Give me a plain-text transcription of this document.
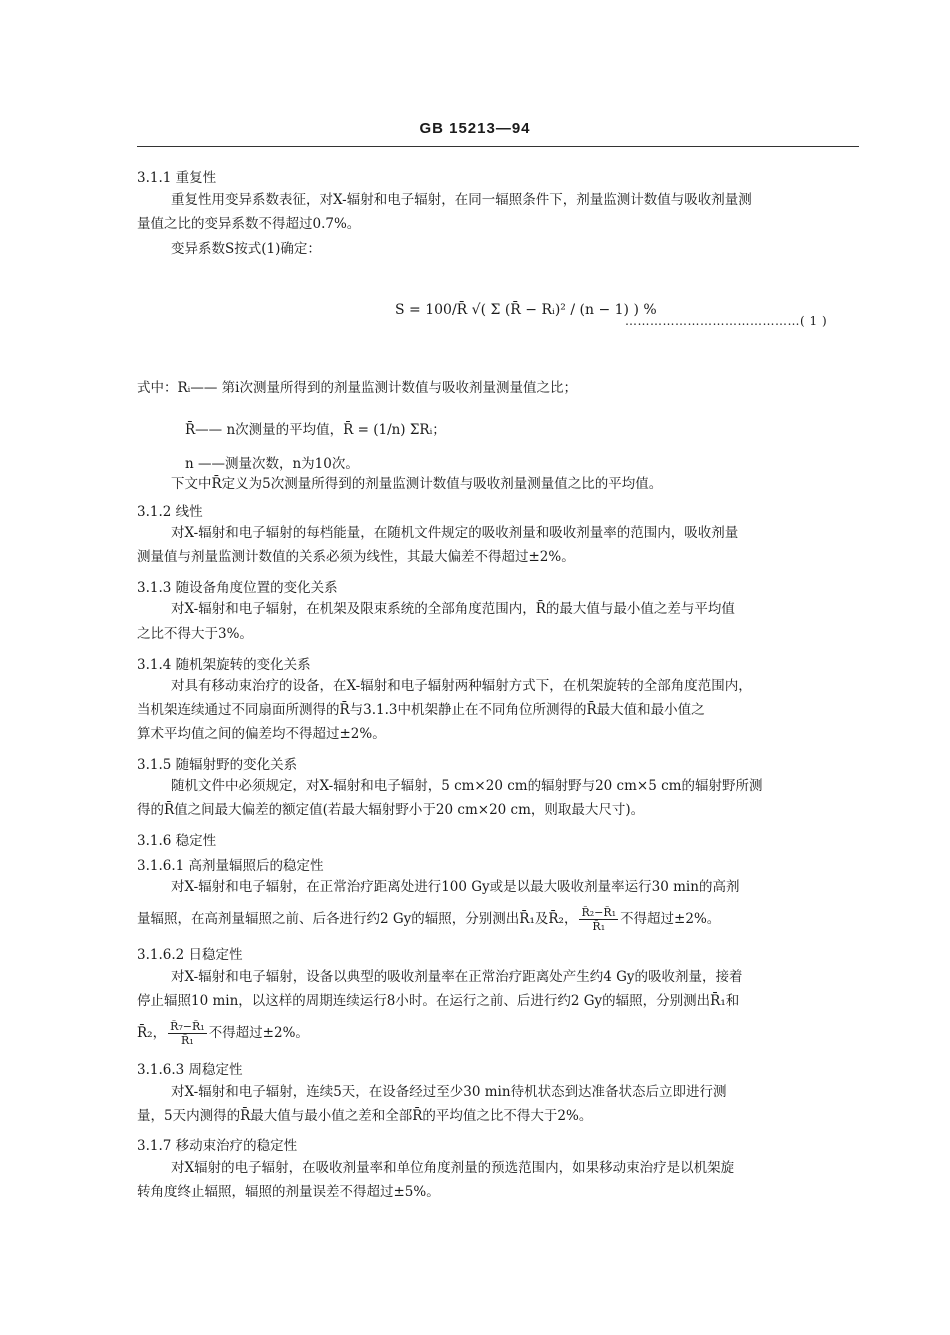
GB 15213—94
3.1.1 重复性
重复性用变异系数表征，对X-辐射和电子辐射，在同一辐照条件下，剂量监测计数值与吸收剂量测
量值之比的变异系数不得超过0.7%。
变异系数S按式(1)确定：
S = 100/R̄ √( Σ (R̄ − Rᵢ)² / (n − 1) ) %
……………………………………( 1 )
式中：Rᵢ—— 第i次测量所得到的剂量监测计数值与吸收剂量测量值之比；
R̄—— n次测量的平均值，R̄ = (1/n) ΣRᵢ；
n ——测量次数，n为10次。
下文中R̄定义为5次测量所得到的剂量监测计数值与吸收剂量测量值之比的平均值。
3.1.2 线性
对X-辐射和电子辐射的每档能量，在随机文件规定的吸收剂量和吸收剂量率的范围内，吸收剂量
测量值与剂量监测计数值的关系必须为线性，其最大偏差不得超过±2%。
3.1.3 随设备角度位置的变化关系
对X-辐射和电子辐射，在机架及限束系统的全部角度范围内，R̄的最大值与最小值之差与平均值
之比不得大于3%。
3.1.4 随机架旋转的变化关系
对具有移动束治疗的设备，在X-辐射和电子辐射两种辐射方式下，在机架旋转的全部角度范围内，
当机架连续通过不同扇面所测得的R̄与3.1.3中机架静止在不同角位所测得的R̄最大值和最小值之
算术平均值之间的偏差均不得超过±2%。
3.1.5 随辐射野的变化关系
随机文件中必须规定，对X-辐射和电子辐射，5 cm×20 cm的辐射野与20 cm×5 cm的辐射野所测
得的R̄值之间最大偏差的额定值(若最大辐射野小于20 cm×20 cm，则取最大尺寸)。
3.1.6 稳定性
3.1.6.1 高剂量辐照后的稳定性
对X-辐射和电子辐射，在正常治疗距离处进行100 Gy或是以最大吸收剂量率运行30 min的高剂
量辐照，在高剂量辐照之前、后各进行约2 Gy的辐照，分别测出R̄₁及R̄₂， $\frac{\text{R̄₂−R̄₁}}{\text{R̄₁}}$ 不得超过±2%。
3.1.6.2 日稳定性
对X-辐射和电子辐射，设备以典型的吸收剂量率在正常治疗距离处产生约4 Gy的吸收剂量，接着
停止辐照10 min，以这样的周期连续运行8小时。在运行之前、后进行约2 Gy的辐照，分别测出R̄₁和
R̄₂， $\frac{\text{R̄₇−R̄₁}}{\text{R̄₁}}$ 不得超过±2%。
3.1.6.3 周稳定性
对X-辐射和电子辐射，连续5天，在设备经过至少30 min待机状态到达准备状态后立即进行测
量，5天内测得的R̄最大值与最小值之差和全部R̄的平均值之比不得大于2%。
3.1.7 移动束治疗的稳定性
对X辐射的电子辐射，在吸收剂量率和单位角度剂量的预选范围内，如果移动束治疗是以机架旋
转角度终止辐照，辐照的剂量误差不得超过±5%。
